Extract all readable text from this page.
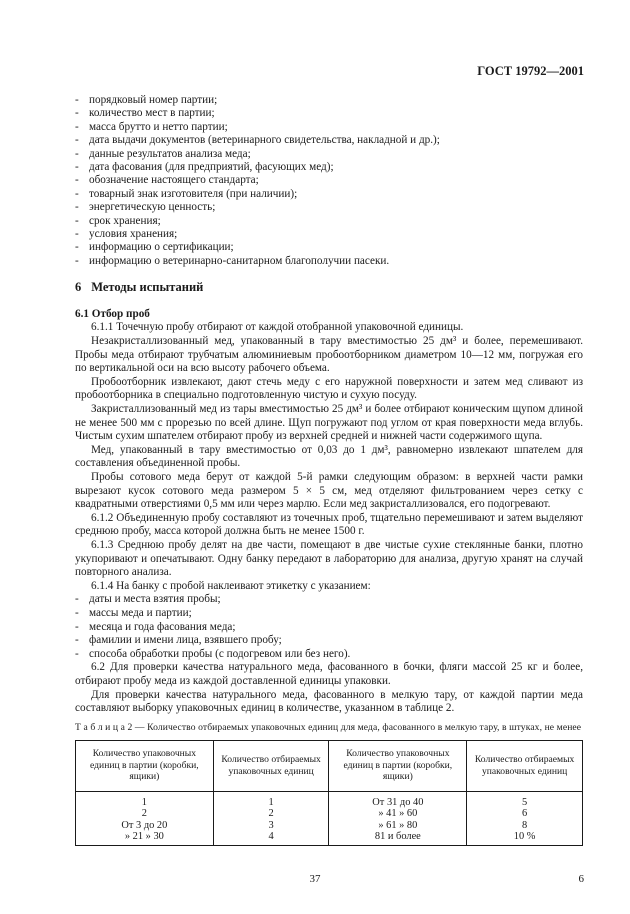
ГОСТ 19792—2001
- порядковый номер партии;
- количество мест в партии;
- масса брутто и нетто партии;
- дата выдачи документов (ветеринарного свидетельства, накладной и др.);
- данные результатов анализа меда;
- дата фасования (для предприятий, фасующих мед);
- обозначение настоящего стандарта;
- товарный знак изготовителя (при наличии);
- энергетическую ценность;
- срок хранения;
- условия хранения;
- информацию о сертификации;
- информацию о ветеринарно-санитарном благополучии пасеки.
6 Методы испытаний
6.1 Отбор проб

6.1.1 Точечную пробу отбирают от каждой отобранной упаковочной единицы.

Незакристаллизованный мед, упакованный в тару вместимостью 25 дм³ и более, перемешивают. Пробы меда отбирают трубчатым алюминиевым пробоотборником диаметром 10—12 мм, погружая его по вертикальной оси на всю высоту рабочего объема.

Пробоотборник извлекают, дают стечь меду с его наружной поверхности и затем мед сливают из пробоотборника в специально подготовленную чистую и сухую посуду.

Закристаллизованный мед из тары вместимостью 25 дм³ и более отбирают коническим щупом длиной не менее 500 мм с прорезью по всей длине. Щуп погружают под углом от края поверхности меда вглубь. Чистым сухим шпателем отбирают пробу из верхней средней и нижней части содержимого щупа.

Мед, упакованный в тару вместимостью от 0,03 до 1 дм³, равномерно извлекают шпателем для составления объединенной пробы.

Пробы сотового меда берут от каждой 5-й рамки следующим образом: в верхней части рамки вырезают кусок сотового меда размером 5 × 5 см, мед отделяют фильтрованием через сетку с квадратными отверстиями 0,5 мм или через марлю. Если мед закристаллизовался, его подогревают.

6.1.2 Объединенную пробу составляют из точечных проб, тщательно перемешивают и затем выделяют среднюю пробу, масса которой должна быть не менее 1500 г.

6.1.3 Среднюю пробу делят на две части, помещают в две чистые сухие стеклянные банки, плотно укупоривают и опечатывают. Одну банку передают в лабораторию для анализа, другую хранят на случай повторного анализа.

6.1.4 На банку с пробой наклеивают этикетку с указанием:

- даты и места взятия пробы;
- массы меда и партии;
- месяца и года фасования меда;
- фамилии и имени лица, взявшего пробу;
- способа обработки пробы (с подогревом или без него).

6.2 Для проверки качества натурального меда, фасованного в бочки, фляги массой 25 кг и более, отбирают пробу меда из каждой доставленной единицы упаковки.

Для проверки качества натурального меда, фасованного в мелкую тару, от каждой партии меда составляют выборку упаковочных единиц в количестве, указанном в таблице 2.

Т а б л и ц а 2 — Количество отбираемых упаковочных единиц для меда, фасованного в мелкую тару, в штуках, не менее

Количество упаковочных единиц в партии (коробки, ящики)	Количество отбираемых упаковочных единиц	Количество упаковочных единиц в партии (коробки, ящики)	Количество отбираемых упаковочных единиц
1	1	От 31 до 40	5
2	2	» 41 » 60	6
От 3 до 20	3	» 61 » 80	8
» 21 » 30	4	81 и более	10 %
37	6
